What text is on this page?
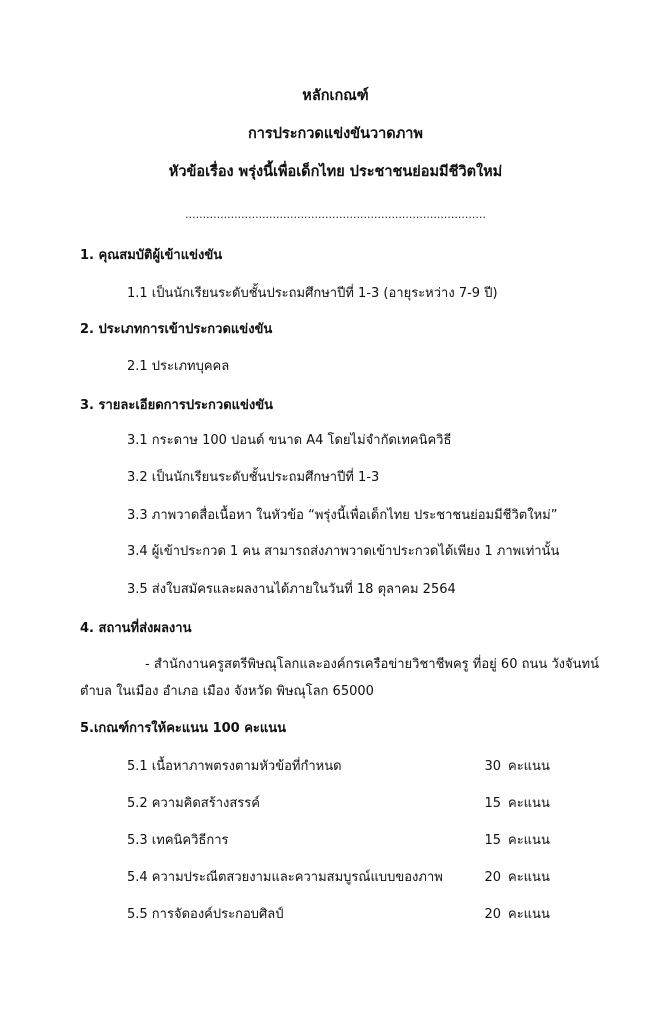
หลักเกณฑ์
การประกวดแข่งขันวาดภาพ
หัวข้อเรื่อง พรุ่งนี้เพื่อเด็กไทย ประชาชนย่อมมีชีวิตใหม่
......................................................................................
1. คุณสมบัติผู้เข้าแข่งขัน
1.1 เป็นนักเรียนระดับชั้นประถมศึกษาปีที่ 1-3 (อายุระหว่าง 7-9 ปี)
2. ประเภทการเข้าประกวดแข่งขัน
2.1 ประเภทบุคคล
3. รายละเอียดการประกวดแข่งขัน
3.1 กระดาษ 100 ปอนด์ ขนาด A4 โดยไม่จำกัดเทคนิควิธี
3.2 เป็นนักเรียนระดับชั้นประถมศึกษาปีที่ 1-3
3.3 ภาพวาดสื่อเนื้อหา ในหัวข้อ “พรุ่งนี้เพื่อเด็กไทย ประชาชนย่อมมีชีวิตใหม่”
3.4 ผู้เข้าประกวด 1 คน สามารถส่งภาพวาดเข้าประกวดได้เพียง 1 ภาพเท่านั้น
3.5 ส่งใบสมัครและผลงานได้ภายในวันที่ 18 ตุลาคม 2564
4. สถานที่ส่งผลงาน
- สำนักงานครูสตรีพิษณุโลกและองค์กรเครือข่ายวิชาชีพครู ที่อยู่ 60 ถนน วังจันทน์
ตำบล ในเมือง อำเภอ เมือง จังหวัด พิษณุโลก 65000
5.เกณฑ์การให้คะแนน 100 คะแนน
5.1 เนื้อหาภาพตรงตามหัวข้อที่กำหนด	30 คะแนน
5.2 ความคิดสร้างสรรค์	15 คะแนน
5.3 เทคนิควิธีการ	15 คะแนน
5.4 ความประณีตสวยงามและความสมบูรณ์แบบของภาพ	20 คะแนน
5.5 การจัดองค์ประกอบศิลป์	20 คะแนน
